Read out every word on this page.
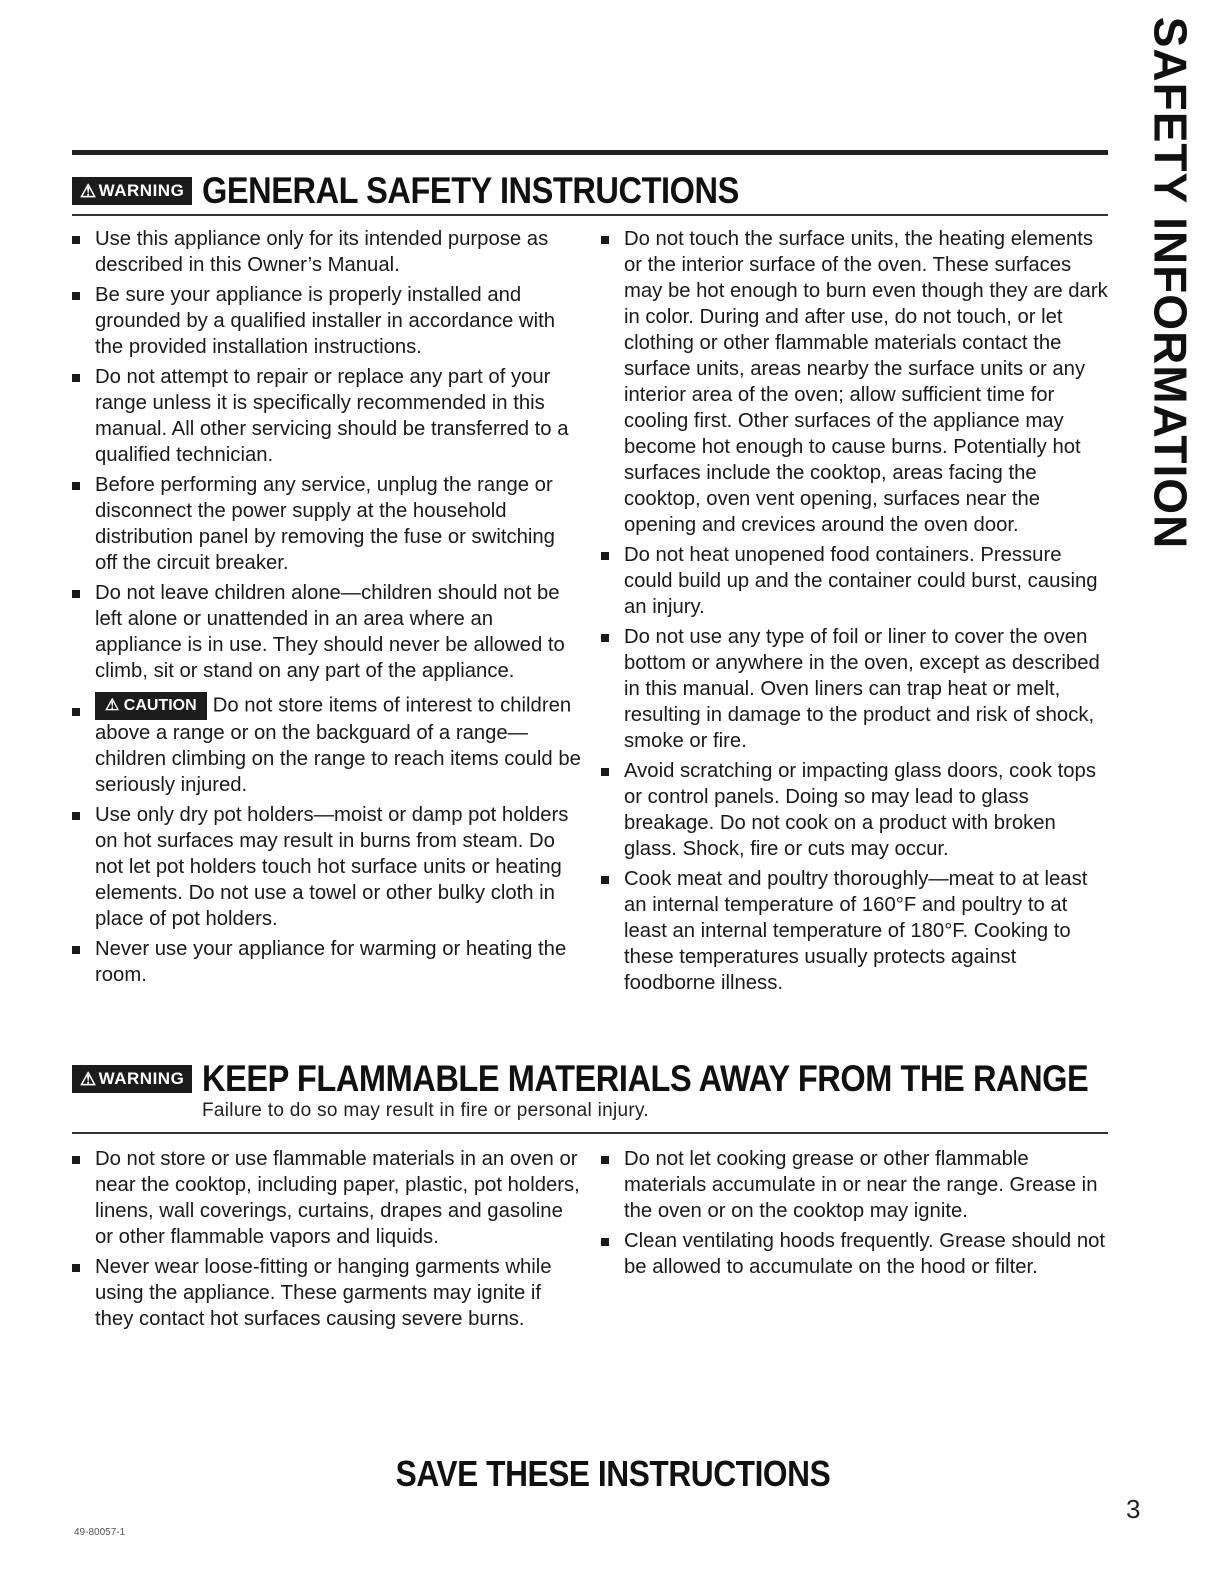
SAFETY INFORMATION
⚠ WARNING GENERAL SAFETY INSTRUCTIONS
Use this appliance only for its intended purpose as described in this Owner’s Manual.
Be sure your appliance is properly installed and grounded by a qualified installer in accordance with the provided installation instructions.
Do not attempt to repair or replace any part of your range unless it is specifically recommended in this manual. All other servicing should be transferred to a qualified technician.
Before performing any service, unplug the range or disconnect the power supply at the household distribution panel by removing the fuse or switching off the circuit breaker.
Do not leave children alone—children should not be left alone or unattended in an area where an appliance is in use. They should never be allowed to climb, sit or stand on any part of the appliance.
⚠ CAUTION Do not store items of interest to children above a range or on the backguard of a range—children climbing on the range to reach items could be seriously injured.
Use only dry pot holders—moist or damp pot holders on hot surfaces may result in burns from steam. Do not let pot holders touch hot surface units or heating elements. Do not use a towel or other bulky cloth in place of pot holders.
Never use your appliance for warming or heating the room.
Do not touch the surface units, the heating elements or the interior surface of the oven. These surfaces may be hot enough to burn even though they are dark in color. During and after use, do not touch, or let clothing or other flammable materials contact the surface units, areas nearby the surface units or any interior area of the oven; allow sufficient time for cooling first. Other surfaces of the appliance may become hot enough to cause burns. Potentially hot surfaces include the cooktop, areas facing the cooktop, oven vent opening, surfaces near the opening and crevices around the oven door.
Do not heat unopened food containers. Pressure could build up and the container could burst, causing an injury.
Do not use any type of foil or liner to cover the oven bottom or anywhere in the oven, except as described in this manual. Oven liners can trap heat or melt, resulting in damage to the product and risk of shock, smoke or fire.
Avoid scratching or impacting glass doors, cook tops or control panels. Doing so may lead to glass breakage. Do not cook on a product with broken glass. Shock, fire or cuts may occur.
Cook meat and poultry thoroughly—meat to at least an internal temperature of 160°F and poultry to at least an internal temperature of 180°F. Cooking to these temperatures usually protects against foodborne illness.
⚠ WARNING KEEP FLAMMABLE MATERIALS AWAY FROM THE RANGE
Failure to do so may result in fire or personal injury.
Do not store or use flammable materials in an oven or near the cooktop, including paper, plastic, pot holders, linens, wall coverings, curtains, drapes and gasoline or other flammable vapors and liquids.
Never wear loose-fitting or hanging garments while using the appliance. These garments may ignite if they contact hot surfaces causing severe burns.
Do not let cooking grease or other flammable materials accumulate in or near the range. Grease in the oven or on the cooktop may ignite.
Clean ventilating hoods frequently. Grease should not be allowed to accumulate on the hood or filter.
SAVE THESE INSTRUCTIONS
49-80057-1
3
